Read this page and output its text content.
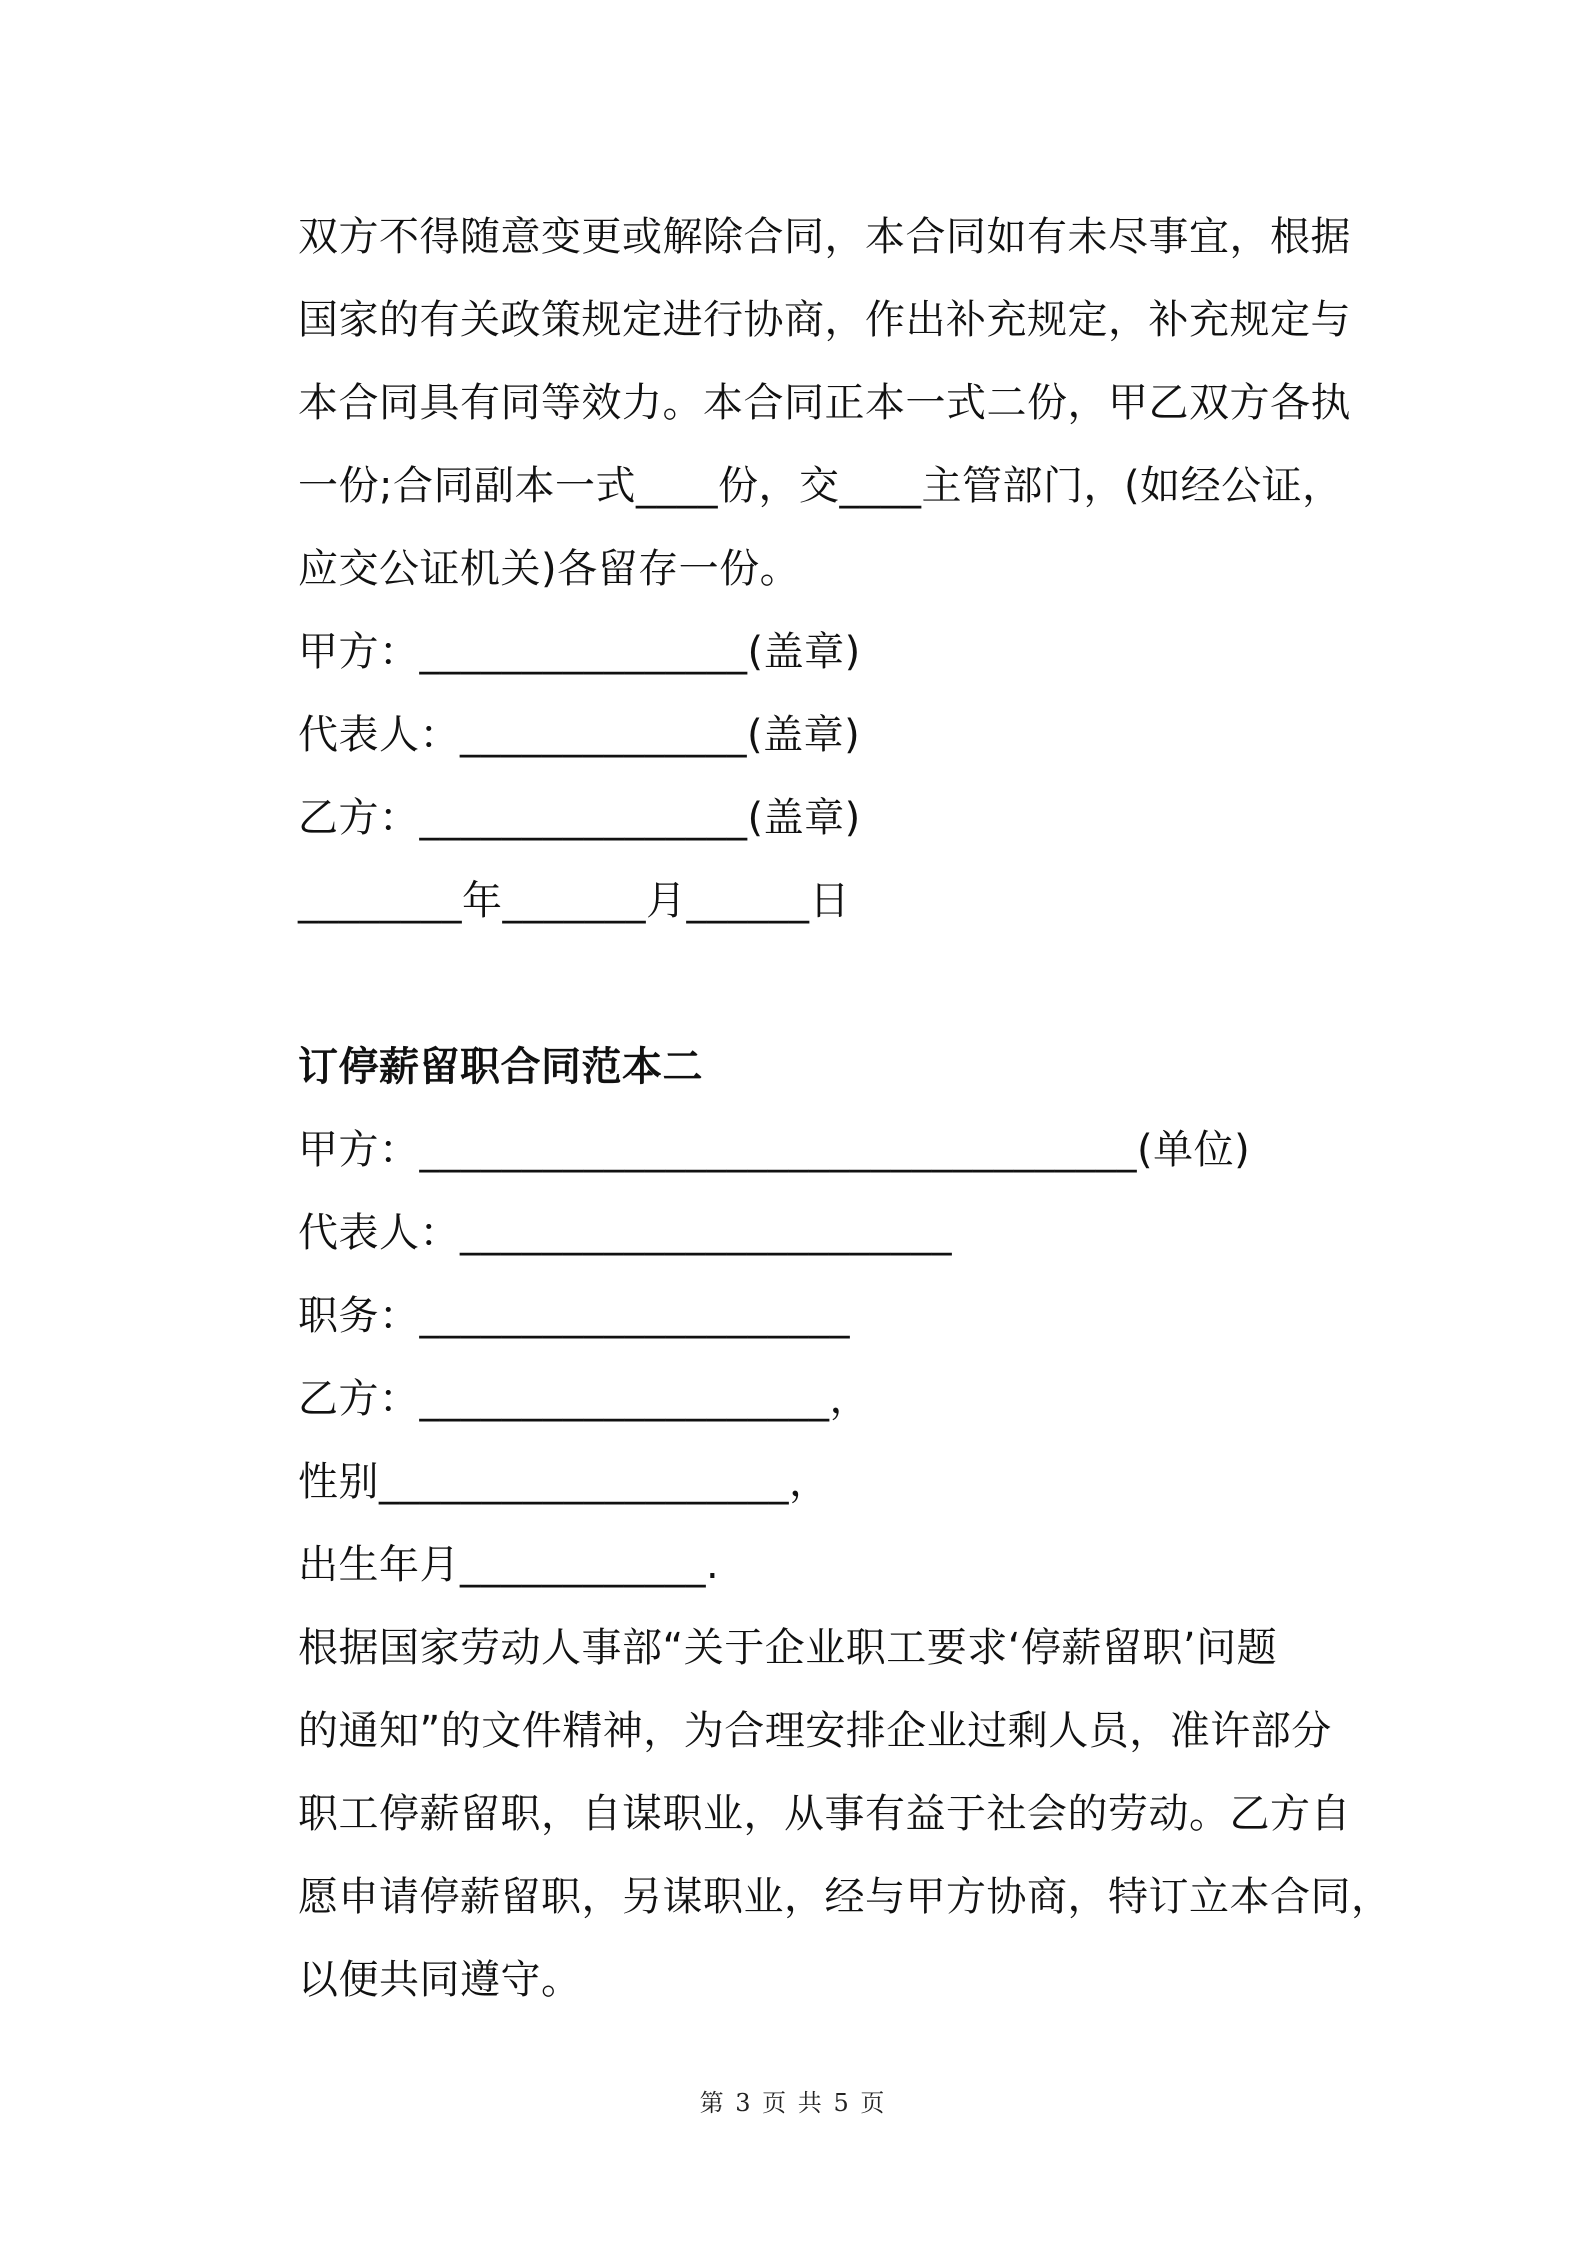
双方不得随意变更或解除合同，本合同如有未尽事宜，根据
国家的有关政策规定进行协商，作出补充规定，补充规定与
本合同具有同等效力。本合同正本一式二份，甲乙双方各执
一份;合同副本一式____份，交____主管部门，(如经公证，
应交公证机关)各留存一份。
甲方：________________(盖章)
代表人：______________(盖章)
乙方：________________(盖章)
________年_______月______日
订停薪留职合同范本二
甲方：___________________________________(单位)
代表人：________________________
职务：_____________________
乙方：____________________，
性别____________________，
出生年月____________.
根据国家劳动人事部“关于企业职工要求‘停薪留职’问题
的通知”的文件精神，为合理安排企业过剩人员，准许部分
职工停薪留职，自谋职业，从事有益于社会的劳动。乙方自
愿申请停薪留职，另谋职业，经与甲方协商，特订立本合同，
以便共同遵守。
第 3 页 共 5 页
